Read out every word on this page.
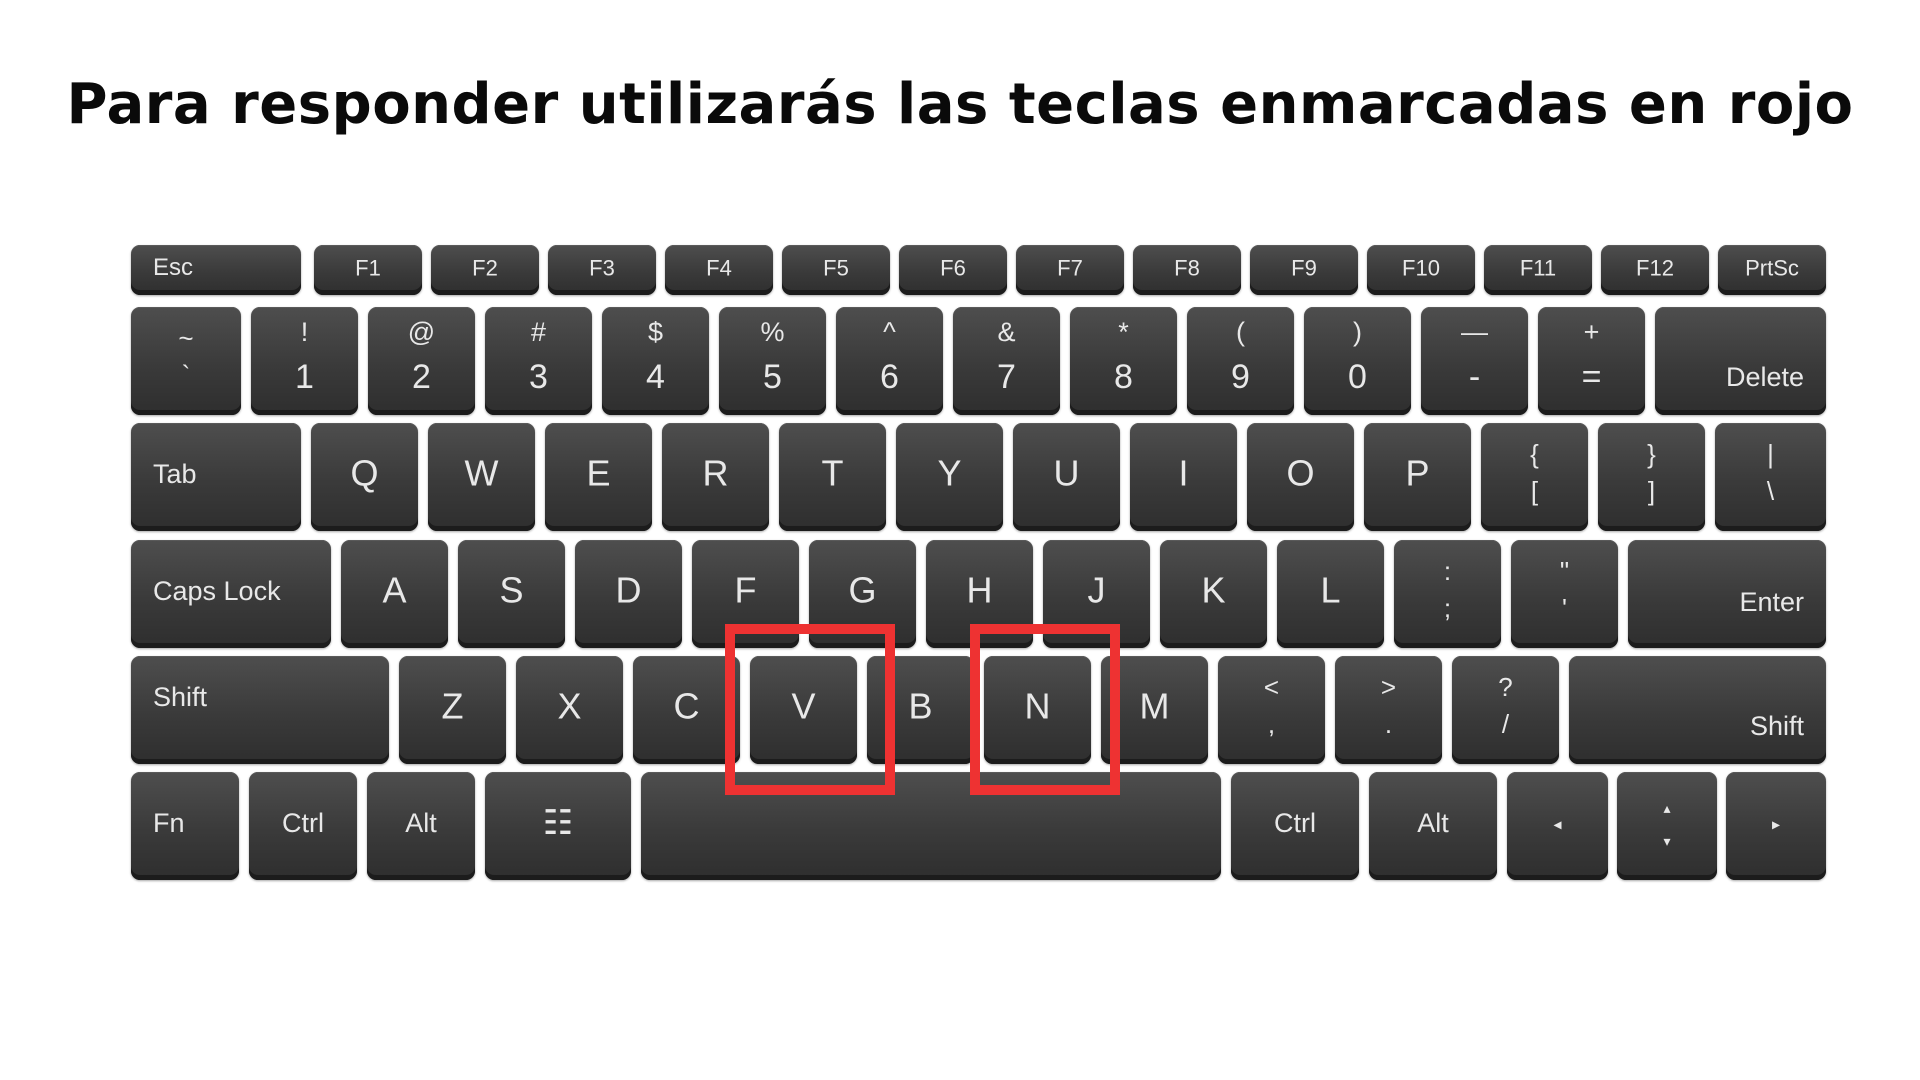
Para responder utilizarás las teclas enmarcadas en rojo
Esc	F1	F2	F3	F4	F5	F6	F7	F8	F9	F10	F11	F12	PrtSc
~
`
!
1
@
2
#
3
$
4
%
5
^
6
&
7
*
8
(
9
)
0
—
-
+
=	Delete
Tab	Q	W	E	R	T	Y	U	I	O	P	{
[
}
]
|
\
Caps Lock	A	S	D	F	G	H	J	K	L	:
;
"
'	Enter
Shift	Z	X	C	V	B	N	M	<
,
>
.
?
/	Shift
Fn	Ctrl	Alt	☷	Ctrl	Alt	◂
▴
▾
▸
